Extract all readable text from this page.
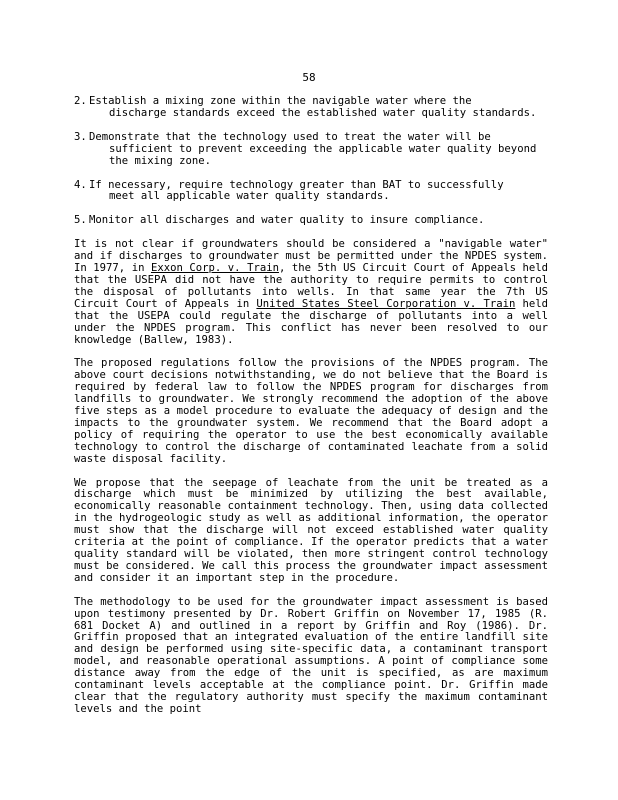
58
2. Establish a mixing zone within the navigable water where the
discharge standards exceed the established water quality standards.
3. Demonstrate that the technology used to treat the water will be
sufficient to prevent exceeding the applicable water quality beyond the mixing zone.
4. If necessary, require technology greater than BAT to successfully
meet all applicable water quality standards.
5. Monitor all discharges and water quality to insure compliance.

It is not clear if groundwaters should be considered a "navigable water" and if discharges to groundwater must be permitted under the NPDES system. In 1977, in Exxon Corp. v. Train, the 5th US Circuit Court of Appeals held that the USEPA did not have the authority to require permits to control the disposal of pollutants into wells. In that same year the 7th US Circuit Court of Appeals in United States Steel Corporation v. Train held that the USEPA could regulate the discharge of pollutants into a well under the NPDES program. This conflict has never been resolved to our knowledge (Ballew, 1983).

The proposed regulations follow the provisions of the NPDES program. The above court decisions notwithstanding, we do not believe that the Board is required by federal law to follow the NPDES program for discharges from landfills to groundwater. We strongly recommend the adoption of the above five steps as a model procedure to evaluate the adequacy of design and the impacts to the groundwater system. We recommend that the Board adopt a policy of requiring the operator to use the best economically available technology to control the discharge of contaminated leachate from a solid waste disposal facility.

We propose that the seepage of leachate from the unit be treated as a discharge which must be minimized by utilizing the best available, economically reasonable containment technology. Then, using data collected in the hydrogeologic study as well as additional information, the operator must show that the discharge will not exceed established water quality criteria at the point of compliance. If the operator predicts that a water quality standard will be violated, then more stringent control technology must be considered. We call this process the groundwater impact assessment and consider it an important step in the procedure.

The methodology to be used for the groundwater impact assessment is based upon testimony presented by Dr. Robert Griffin on November 17, 1985 (R. 681 Docket A) and outlined in a report by Griffin and Roy (1986). Dr. Griffin proposed that an integrated evaluation of the entire landfill site and design be performed using site-specific data, a contaminant transport model, and reasonable operational assumptions. A point of compliance some distance away from the edge of the unit is specified, as are maximum contaminant levels acceptable at the compliance point. Dr. Griffin made clear that the regulatory authority must specify the maximum contaminant levels and the point
